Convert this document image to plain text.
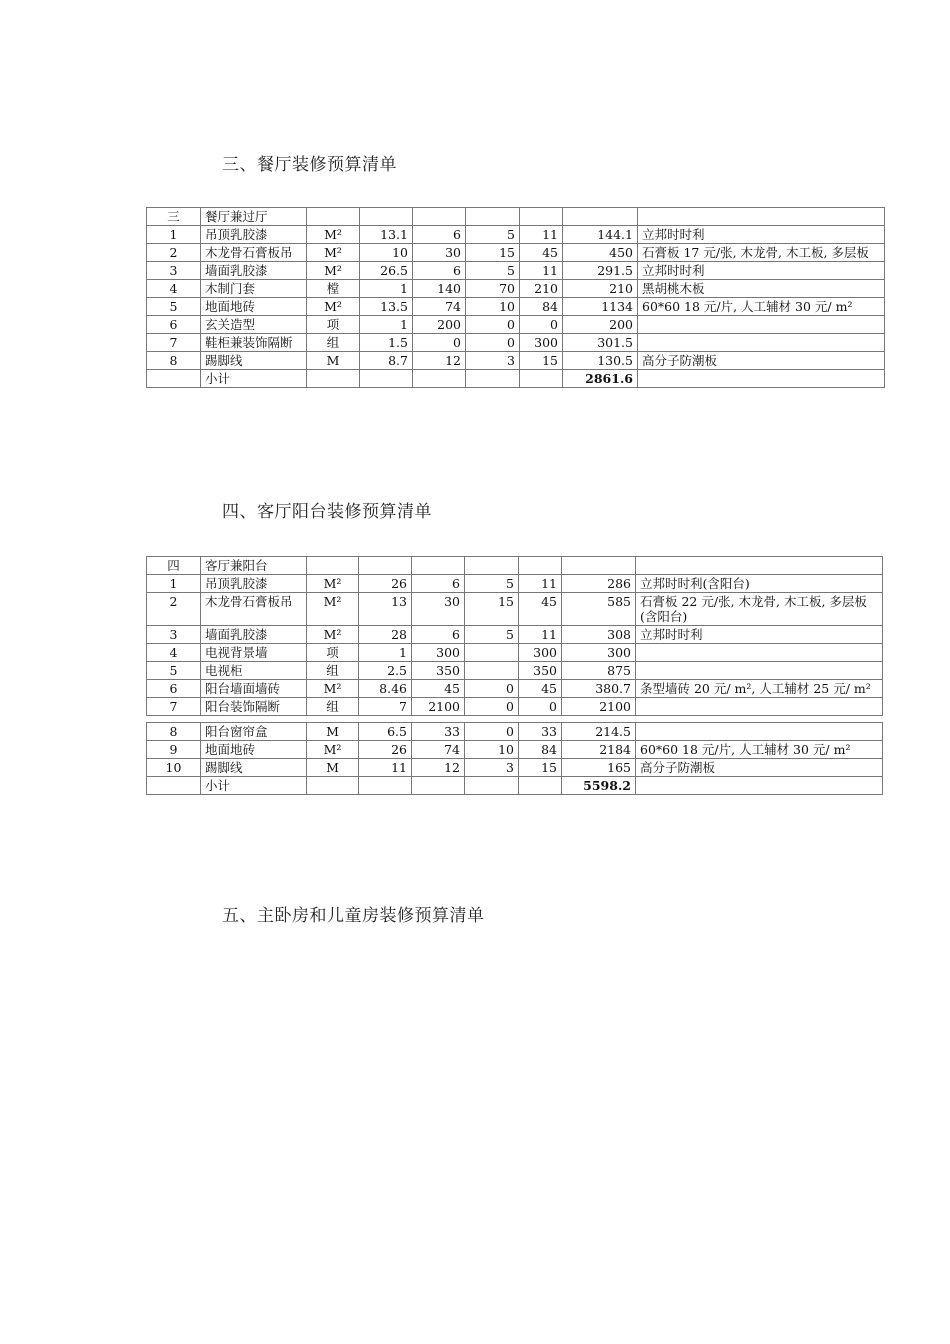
三、餐厅装修预算清单
三	餐厅兼过厅							
1	吊顶乳胶漆	M²	13.1	6	5	11	144.1	立邦时时利
2	木龙骨石膏板吊	M²	10	30	15	45	450	石膏板 17 元/张, 木龙骨, 木工板, 多层板
3	墙面乳胶漆	M²	26.5	6	5	11	291.5	立邦时时利
4	木制门套	樘	1	140	70	210	210	黑胡桃木板
5	地面地砖	M²	13.5	74	10	84	1134	60*60 18 元/片, 人工辅材 30 元/ m²
6	玄关造型	项	1	200	0	0	200	
7	鞋柜兼装饰隔断	组	1.5	0	0	300	301.5	
8	踢脚线	M	8.7	12	3	15	130.5	高分子防潮板
	小计						2861.6	
四、客厅阳台装修预算清单
四	客厅兼阳台							
1	吊顶乳胶漆	M²	26	6	5	11	286	立邦时时利(含阳台)
2	木龙骨石膏板吊	M²	13	30	15	45	585	石膏板 22 元/张, 木龙骨, 木工板, 多层板(含阳台)
3	墙面乳胶漆	M²	28	6	5	11	308	立邦时时利
4	电视背景墙	项	1	300		300	300	
5	电视柜	组	2.5	350		350	875	
6	阳台墙面墙砖	M²	8.46	45	0	45	380.7	条型墙砖 20 元/ m², 人工辅材 25 元/ m²
7	阳台装饰隔断	组	7	2100	0	0	2100	

8	阳台窗帘盒	M	6.5	33	0	33	214.5	
9	地面地砖	M²	26	74	10	84	2184	60*60 18 元/片, 人工辅材 30 元/ m²
10	踢脚线	M	11	12	3	15	165	高分子防潮板
	小计						5598.2	
五、主卧房和儿童房装修预算清单
